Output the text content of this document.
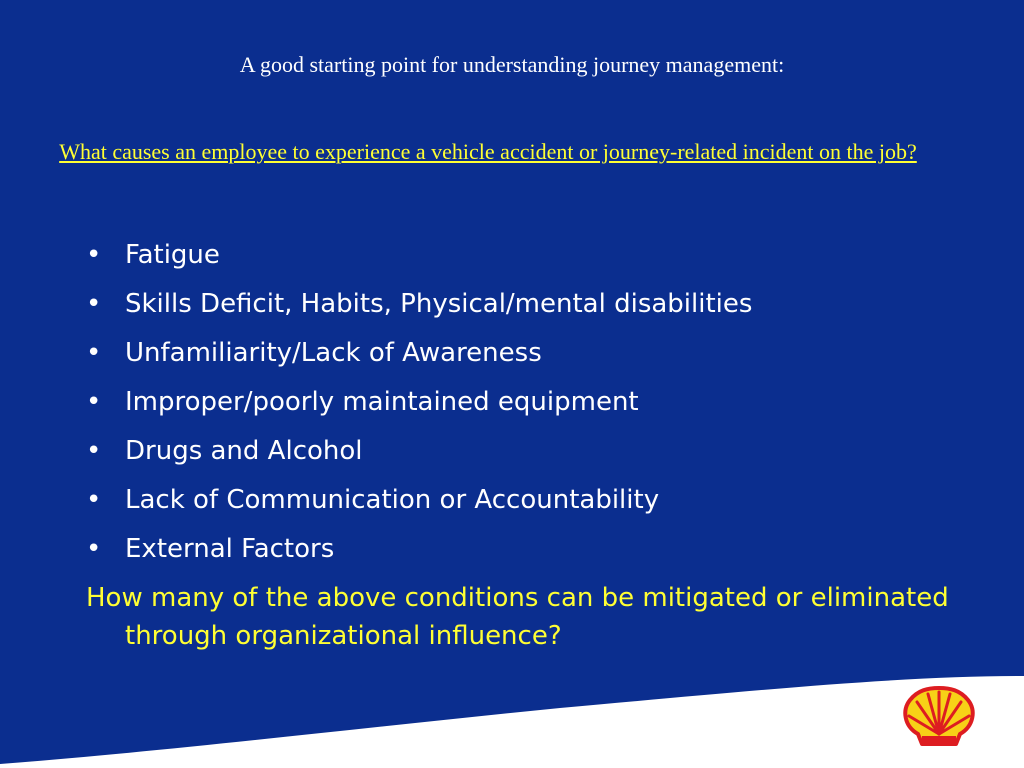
A good starting point for understanding journey management:

What causes an employee to experience a vehicle accident or journey-related incident on the job?

• Fatigue
• Skills Deficit, Habits, Physical/mental disabilities
• Unfamiliarity/Lack of Awareness
• Improper/poorly maintained equipment
• Drugs and Alcohol
• Lack of Communication or Accountability
• External Factors

How many of the above conditions can be mitigated or eliminated through organizational influence?
